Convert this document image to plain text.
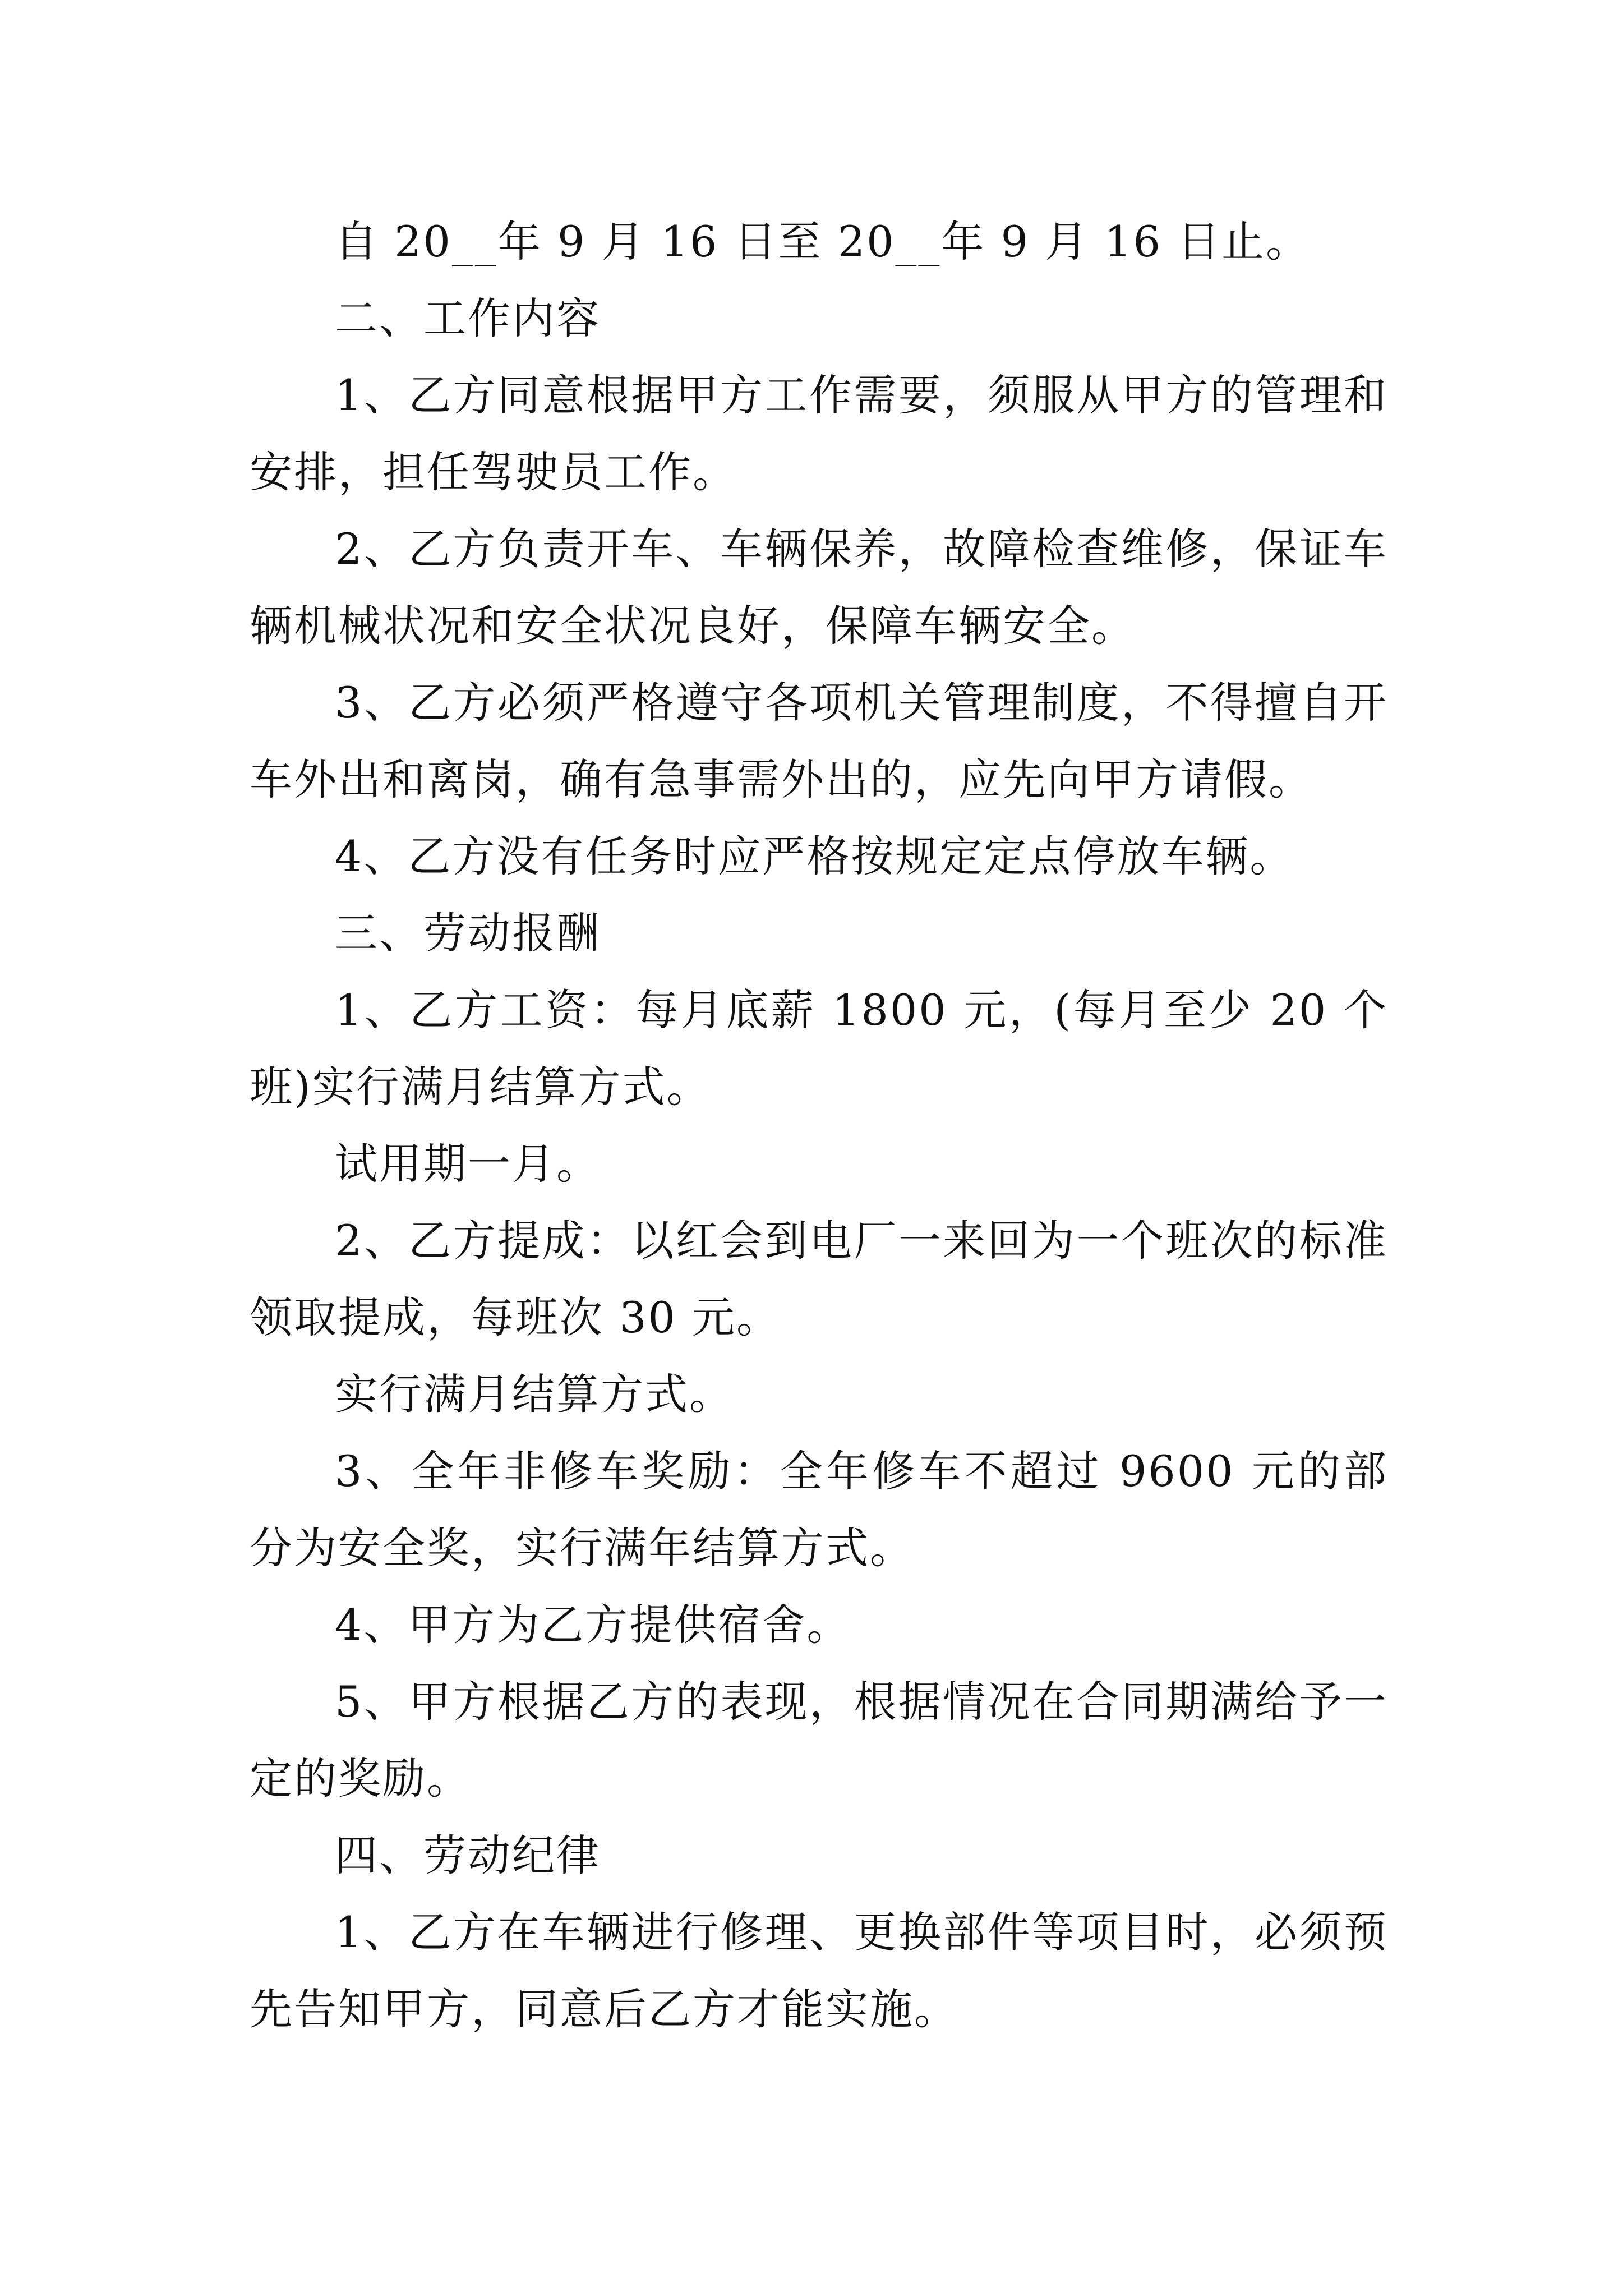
自 20__年 9 月 16 日至 20__年 9 月 16 日止。

二、工作内容

1、乙方同意根据甲方工作需要，须服从甲方的管理和安排，担任驾驶员工作。

2、乙方负责开车、车辆保养，故障检查维修，保证车辆机械状况和安全状况良好，保障车辆安全。

3、乙方必须严格遵守各项机关管理制度，不得擅自开车外出和离岗，确有急事需外出的，应先向甲方请假。

4、乙方没有任务时应严格按规定定点停放车辆。

三、劳动报酬

1、乙方工资：每月底薪 1800 元，(每月至少 20 个班)实行满月结算方式。

试用期一月。

2、乙方提成：以红会到电厂一来回为一个班次的标准领取提成，每班次 30 元。

实行满月结算方式。

3、全年非修车奖励：全年修车不超过 9600 元的部分为安全奖，实行满年结算方式。

4、甲方为乙方提供宿舍。

5、甲方根据乙方的表现，根据情况在合同期满给予一定的奖励。

四、劳动纪律

1、乙方在车辆进行修理、更换部件等项目时，必须预先告知甲方，同意后乙方才能实施。
